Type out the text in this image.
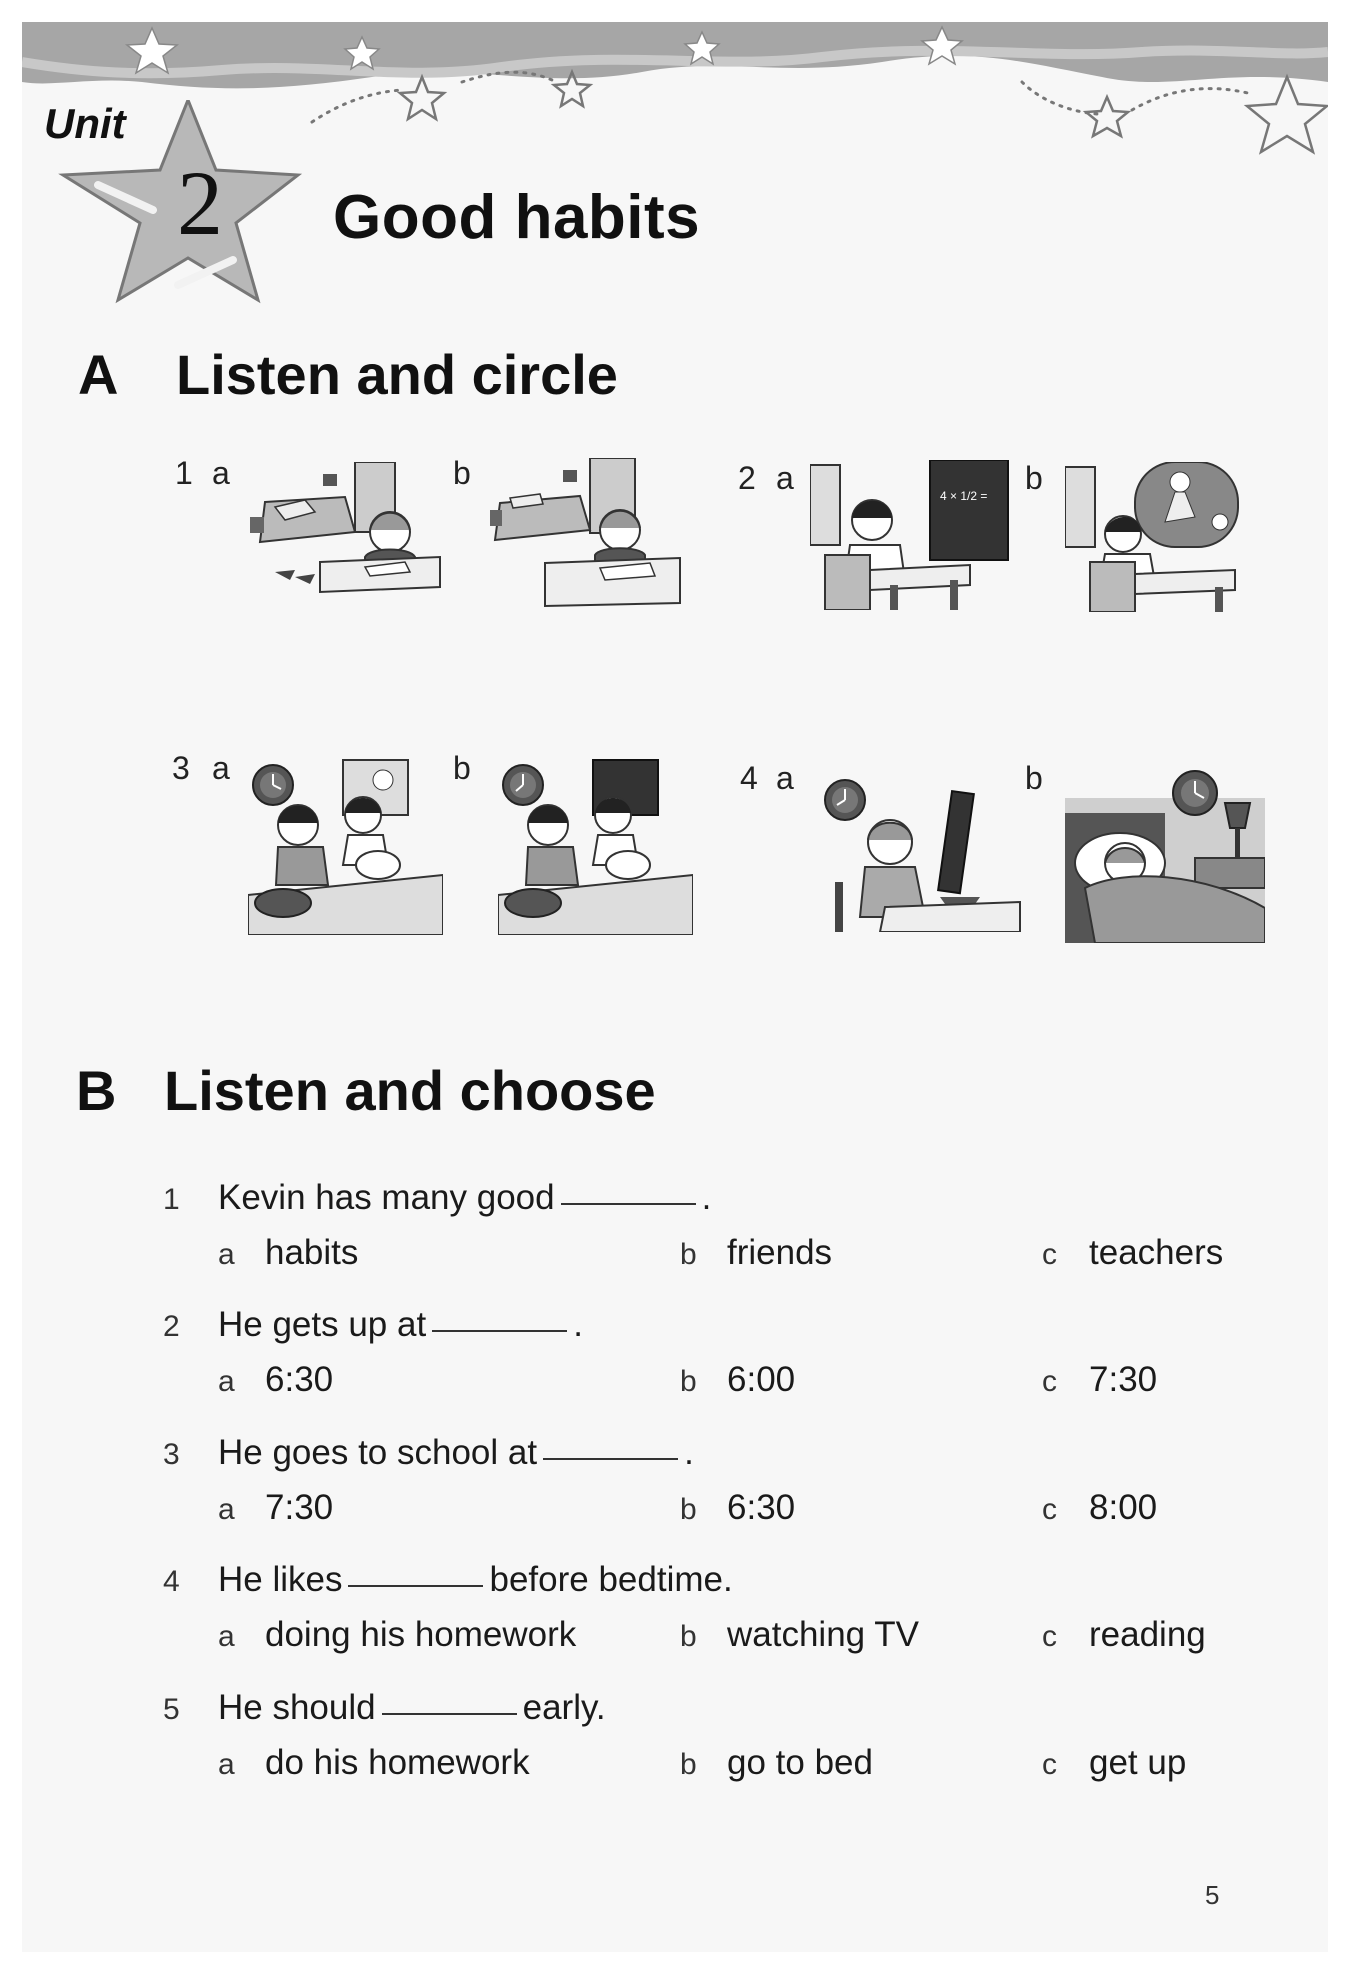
Unit
2 Good habits
A Listen and circle
1 a	b	2 a	4 × 1/2 = b
3 a	b	4 a	b
B Listen and choose
1 Kevin has many good	.
a habits	b friends	c teachers
2 He gets up at	.
a 6:30	b 6:00	c 7:30
3 He goes to school at	.
a 7:30	b 6:30	c 8:00
4 He likes	before bedtime.
a doing his homework	b watching TV	c reading
5 He should	early.
a do his homework	b go to bed	c get up
5
